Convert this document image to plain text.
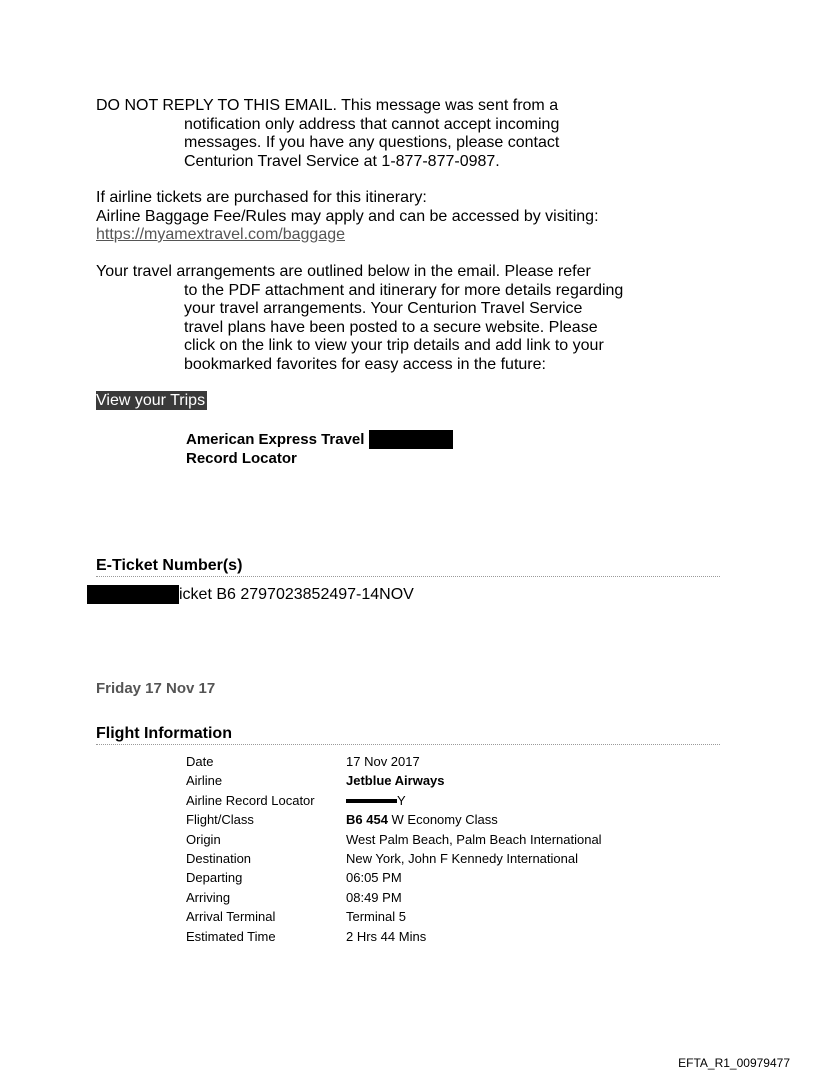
DO NOT REPLY TO THIS EMAIL. This message was sent from a
notification only address that cannot accept incoming
messages. If you have any questions, please contact
Centurion Travel Service at 1-877-877-0987.
If airline tickets are purchased for this itinerary:
Airline Baggage Fee/Rules may apply and can be accessed by visiting:
https://myamextravel.com/baggage
Your travel arrangements are outlined below in the email. Please refer
to the PDF attachment and itinerary for more details regarding
your travel arrangements. Your Centurion Travel Service
travel plans have been posted to a secure website. Please
click on the link to view your trip details and add link to your
bookmarked favorites for easy access in the future:
View your Trips
American Express Travel
Record Locator
E-Ticket Number(s)
icket B6 2797023852497-14NOV
Friday 17 Nov 17
Flight Information
Date	17 Nov 2017
Airline	Jetblue Airways
Airline Record Locator	Y
Flight/Class	B6 454 W Economy Class
Origin	West Palm Beach, Palm Beach International
Destination	New York, John F Kennedy International
Departing	06:05 PM
Arriving	08:49 PM
Arrival Terminal	Terminal 5
Estimated Time	2 Hrs 44 Mins
EFTA_R1_00979477
